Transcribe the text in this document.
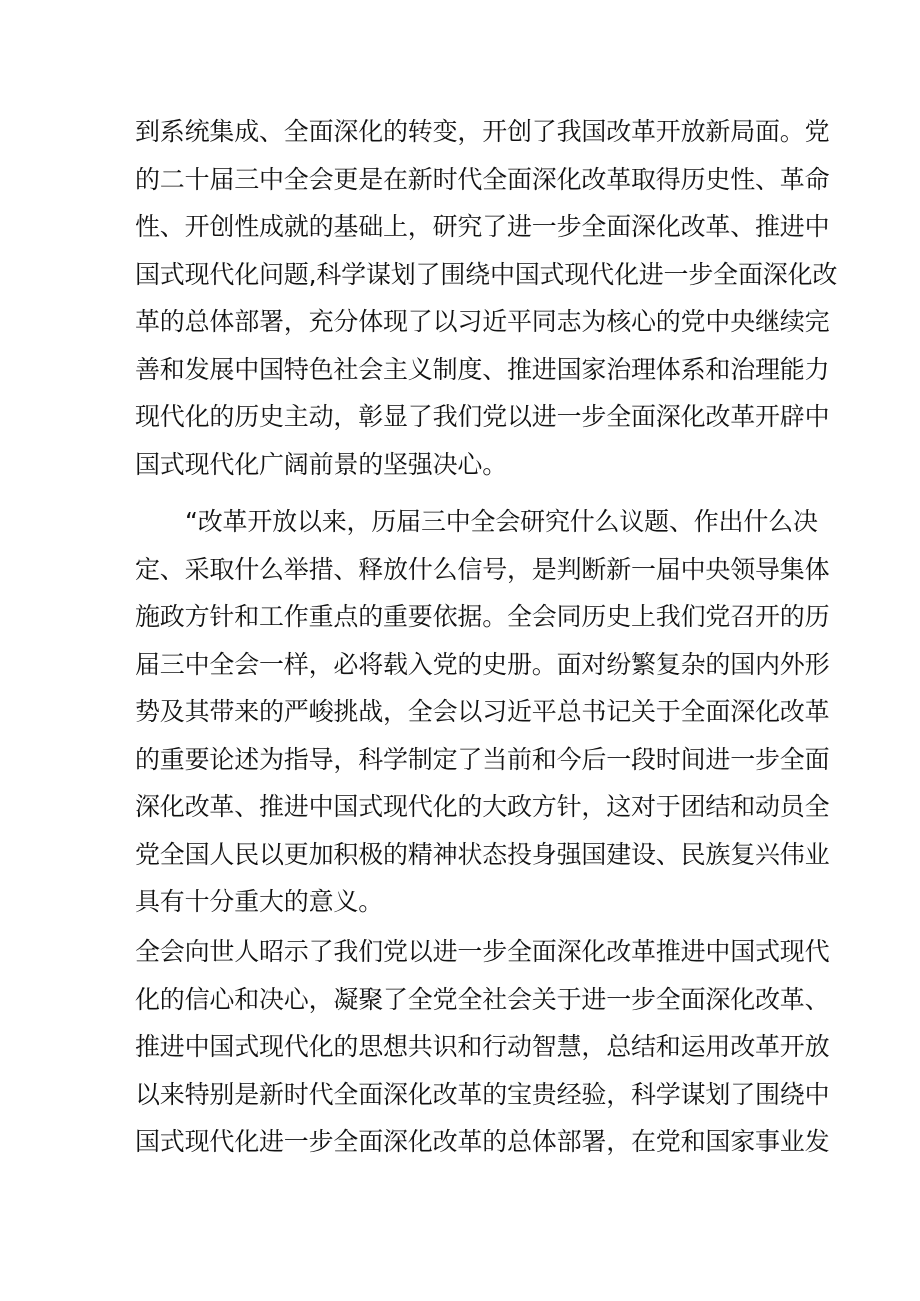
到系统集成、全面深化的转变，开创了我国改革开放新局面。党
的二十届三中全会更是在新时代全面深化改革取得历史性、革命
性、开创性成就的基础上，研究了进一步全面深化改革、推进中
国式现代化问题,科学谋划了围绕中国式现代化进一步全面深化改
革的总体部署，充分体现了以习近平同志为核心的党中央继续完
善和发展中国特色社会主义制度、推进国家治理体系和治理能力
现代化的历史主动，彰显了我们党以进一步全面深化改革开辟中
国式现代化广阔前景的坚强决心。
“改革开放以来，历届三中全会研究什么议题、作出什么决
定、采取什么举措、释放什么信号，是判断新一届中央领导集体
施政方针和工作重点的重要依据。全会同历史上我们党召开的历
届三中全会一样，必将载入党的史册。面对纷繁复杂的国内外形
势及其带来的严峻挑战，全会以习近平总书记关于全面深化改革
的重要论述为指导，科学制定了当前和今后一段时间进一步全面
深化改革、推进中国式现代化的大政方针，这对于团结和动员全
党全国人民以更加积极的精神状态投身强国建设、民族复兴伟业
具有十分重大的意义。
全会向世人昭示了我们党以进一步全面深化改革推进中国式现代
化的信心和决心，凝聚了全党全社会关于进一步全面深化改革、
推进中国式现代化的思想共识和行动智慧，总结和运用改革开放
以来特别是新时代全面深化改革的宝贵经验，科学谋划了围绕中
国式现代化进一步全面深化改革的总体部署，在党和国家事业发
